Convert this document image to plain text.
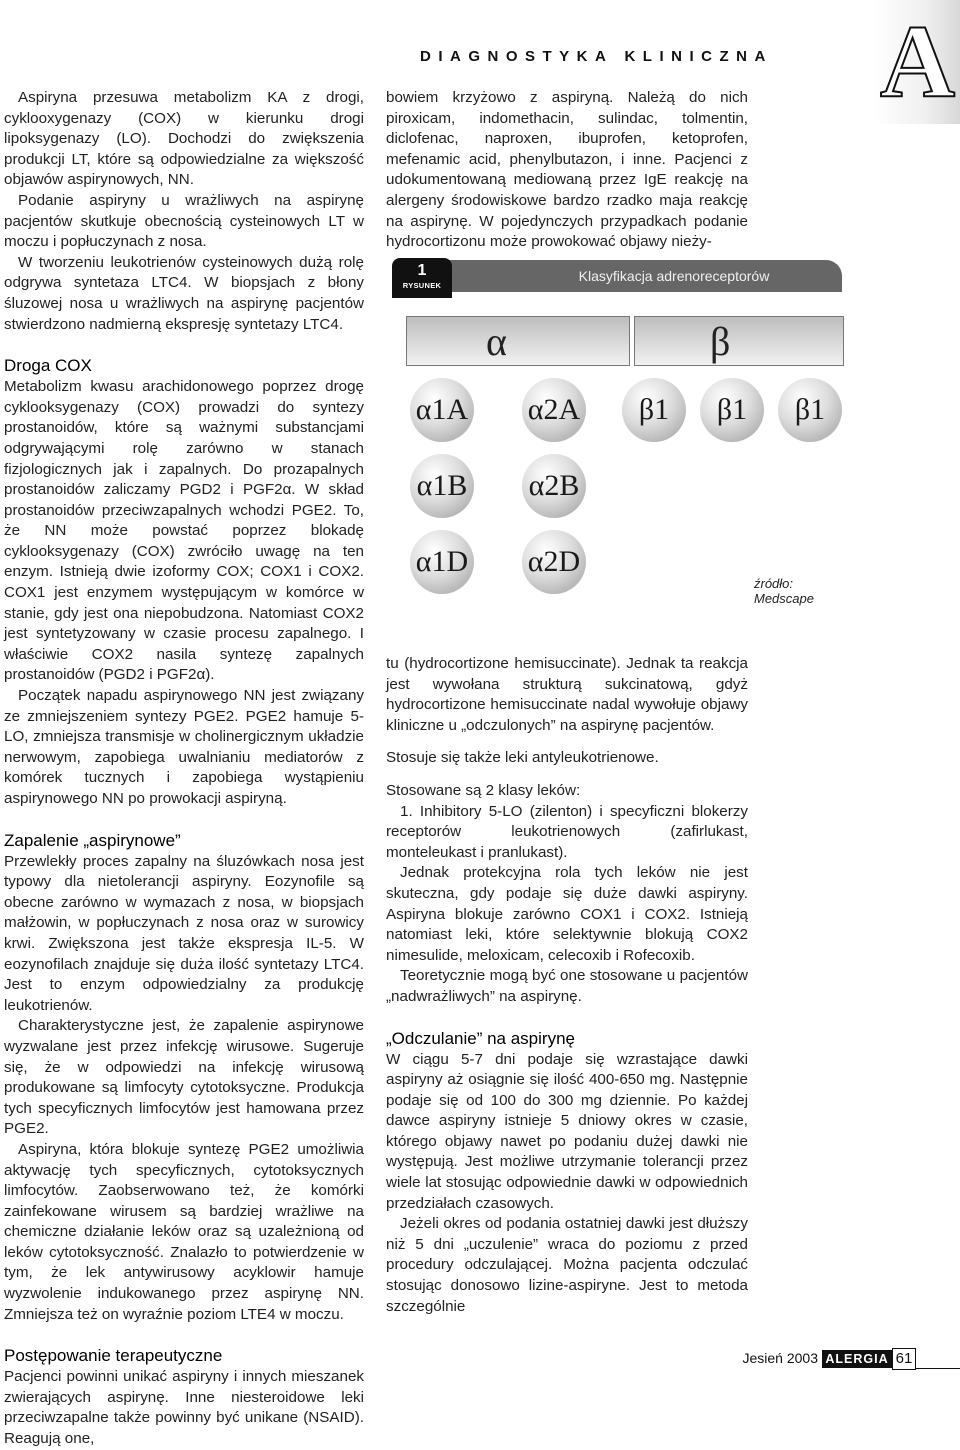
DIAGNOSTYKA KLINICZNA A

Aspiryna przesuwa metabolizm KA z drogi, cyklooxygenazy (COX) w kierunku drogi lipoksygenazy (LO). Dochodzi do zwiększenia produkcji LT, które są odpowiedzialne za większość objawów aspirynowych, NN.

Podanie aspiryny u wrażliwych na aspirynę pacjentów skutkuje obecnością cysteinowych LT w moczu i popłuczynach z nosa.

W tworzeniu leukotrienów cysteinowych dużą rolę odgrywa syntetaza LTC4. W biopsjach z błony śluzowej nosa u wrażliwych na aspirynę pacjentów stwierdzono nadmierną ekspresję syntetazy LTC4.

Droga COX

Metabolizm kwasu arachidonowego poprzez drogę cyklooksygenazy (COX) prowadzi do syntezy prostanoidów, które są ważnymi substancjami odgrywającymi rolę zarówno w stanach fizjologicznych jak i zapalnych. Do prozapalnych prostanoidów zaliczamy PGD2 i PGF2α. W skład prostanoidów przeciwzapalnych wchodzi PGE2. To, że NN może powstać poprzez blokadę cyklooksygenazy (COX) zwróciło uwagę na ten enzym. Istnieją dwie izoformy COX; COX1 i COX2. COX1 jest enzymem występującym w komórce w stanie, gdy jest ona niepobudzona. Natomiast COX2 jest syntetyzowany w czasie procesu zapalnego. I właściwie COX2 nasila syntezę zapalnych prostanoidów (PGD2 i PGF2α).

Początek napadu aspirynowego NN jest związany ze zmniejszeniem syntezy PGE2. PGE2 hamuje 5-LO, zmniejsza transmisje w cholinergicznym układzie nerwowym, zapobiega uwalnianiu mediatorów z komórek tucznych i zapobiega wystąpieniu aspirynowego NN po prowokacji aspiryną.

Zapalenie „aspirynowe”

Przewlekły proces zapalny na śluzówkach nosa jest typowy dla nietolerancji aspiryny. Eozynofile są obecne zarówno w wymazach z nosa, w biopsjach małżowin, w popłuczynach z nosa oraz w surowicy krwi. Zwiększona jest także ekspresja IL-5. W eozynofilach znajduje się duża ilość syntetazy LTC4. Jest to enzym odpowiedzialny za produkcję leukotrienów.

Charakterystyczne jest, że zapalenie aspirynowe wyzwalane jest przez infekcję wirusowe. Sugeruje się, że w odpowiedzi na infekcję wirusową produkowane są limfocyty cytotoksyczne. Produkcja tych specyficznych limfocytów jest hamowana przez PGE2.

Aspiryna, która blokuje syntezę PGE2 umożliwia aktywację tych specyficznych, cytotoksycznych limfocytów. Zaobserwowano też, że komórki zainfekowane wirusem są bardziej wrażliwe na chemiczne działanie leków oraz są uzależnioną od leków cytotoksyczność. Znalazło to potwierdzenie w tym, że lek antywirusowy acyklowir hamuje wyzwolenie indukowanego przez aspirynę NN. Zmniejsza też on wyraźnie poziom LTE4 w moczu.

Postępowanie terapeutyczne

Pacjenci powinni unikać aspiryny i innych mieszanek zwierających aspirynę. Inne niesteroidowe leki przeciwzapalne także powinny być unikane (NSAID). Reagują one,

bowiem krzyżowo z aspiryną. Należą do nich piroxicam, indomethacin, sulindac, tolmentin, diclofenac, naproxen, ibuprofen, ketoprofen, mefenamic acid, phenylbutazon, i inne. Pacjenci z udokumentowaną mediowaną przez IgE reakcję na alergeny środowiskowe bardzo rzadko maja reakcję na aspirynę. W pojedynczych przypadkach podanie hydrocortizonu może prowokować objawy nieży-

Klasyfikacja adrenoreceptorów
1
RYSUNEK
α	β
α1A α2A	β1	β1	β1
α1B α2B
α1D α2D
źródło: Medscape

tu (hydrocortizone hemisuccinate). Jednak ta reakcja jest wywołana strukturą sukcinatową, gdyż hydrocortizone hemisuccinate nadal wywołuje objawy kliniczne u „odczulonych” na aspirynę pacjentów.

Stosuje się także leki antyleukotrienowe.

Stosowane są 2 klasy leków:

1. Inhibitory 5-LO (zilenton) i specyficzni blokerzy receptorów leukotrienowych (zafirlukast, monteleukast i pranlukast).

Jednak protekcyjna rola tych leków nie jest skuteczna, gdy podaje się duże dawki aspiryny. Aspiryna blokuje zarówno COX1 i COX2. Istnieją natomiast leki, które selektywnie blokują COX2 nimesulide, meloxicam, celecoxib i Rofecoxib.

Teoretycznie mogą być one stosowane u pacjentów „nadwrażliwych” na aspirynę.

„Odczulanie” na aspirynę

W ciągu 5-7 dni podaje się wzrastające dawki aspiryny aż osiągnie się ilość 400-650 mg. Następnie podaje się od 100 do 300 mg dziennie. Po każdej dawce aspiryny istnieje 5 dniowy okres w czasie, którego objawy nawet po podaniu dużej dawki nie występują. Jest możliwe utrzymanie tolerancji przez wiele lat stosując odpowiednie dawki w odpowiednich przedziałach czasowych.

Jeżeli okres od podania ostatniej dawki jest dłuższy niż 5 dni „uczulenie” wraca do poziomu z przed procedury odczulającej. Można pacjenta odczulać stosując donosowo lizine-aspiryne. Jest to metoda szczególnie

Jesień 2003 ALERGIA 61
